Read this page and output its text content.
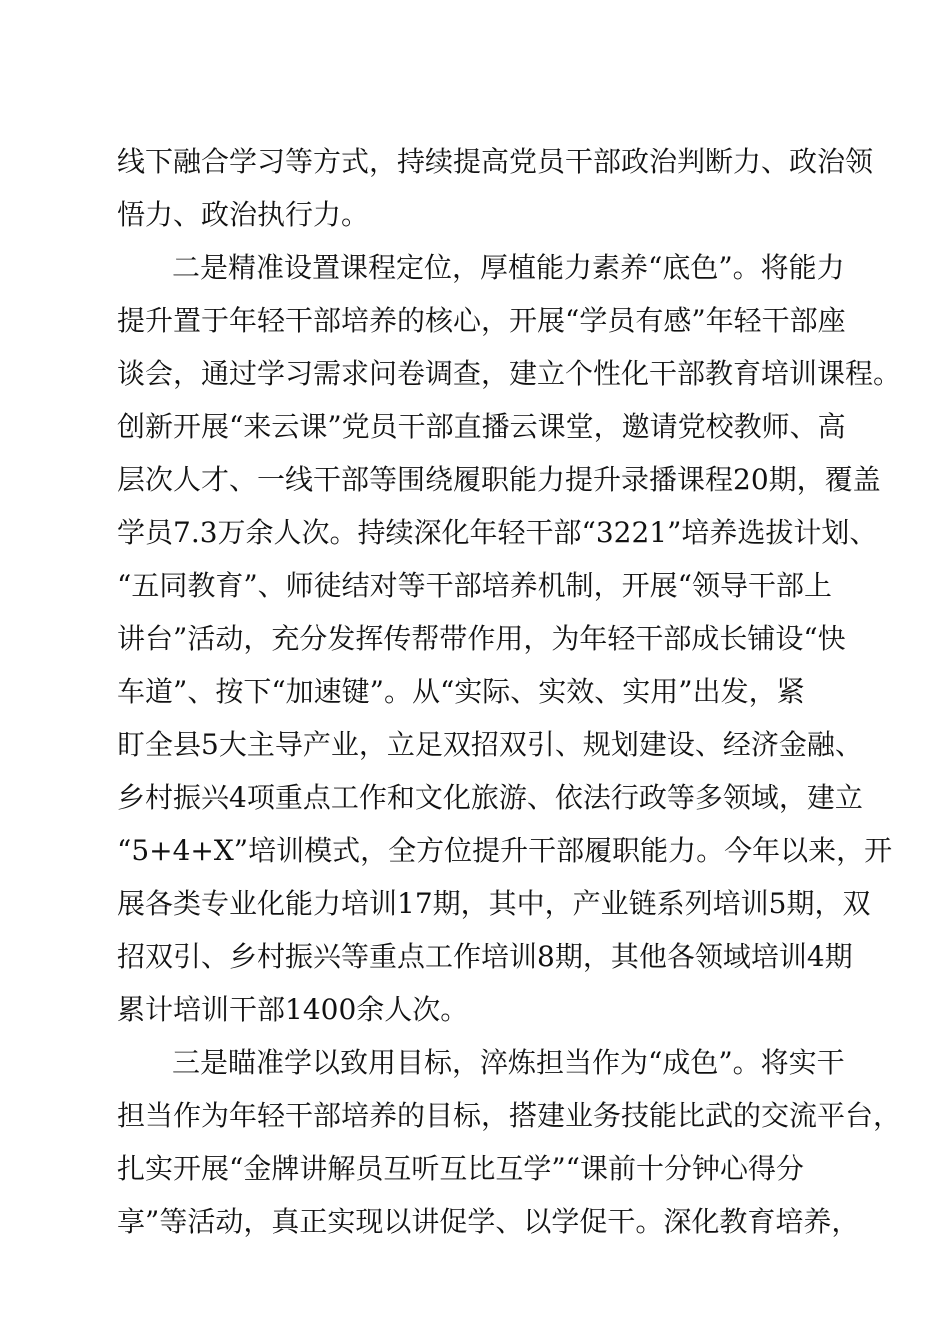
线下融合学习等方式，持续提高党员干部政治判断力、政治领
悟力、政治执行力。
二是精准设置课程定位，厚植能力素养“底色”。将能力
提升置于年轻干部培养的核心，开展“学员有感”年轻干部座
谈会，通过学习需求问卷调查，建立个性化干部教育培训课程。
创新开展“来云课”党员干部直播云课堂，邀请党校教师、高
层次人才、一线干部等围绕履职能力提升录播课程20期，覆盖
学员7.3万余人次。持续深化年轻干部“3221”培养选拔计划、
“五同教育”、师徒结对等干部培养机制，开展“领导干部上
讲台”活动，充分发挥传帮带作用，为年轻干部成长铺设“快
车道”、按下“加速键”。从“实际、实效、实用”出发，紧
盯全县5大主导产业，立足双招双引、规划建设、经济金融、
乡村振兴4项重点工作和文化旅游、依法行政等多领域，建立
“5+4+X”培训模式，全方位提升干部履职能力。今年以来，开
展各类专业化能力培训17期，其中，产业链系列培训5期，双
招双引、乡村振兴等重点工作培训8期，其他各领域培训4期
累计培训干部1400余人次。
三是瞄准学以致用目标，淬炼担当作为“成色”。将实干
担当作为年轻干部培养的目标，搭建业务技能比武的交流平台，
扎实开展“金牌讲解员互听互比互学”“课前十分钟心得分
享”等活动，真正实现以讲促学、以学促干。深化教育培养，
